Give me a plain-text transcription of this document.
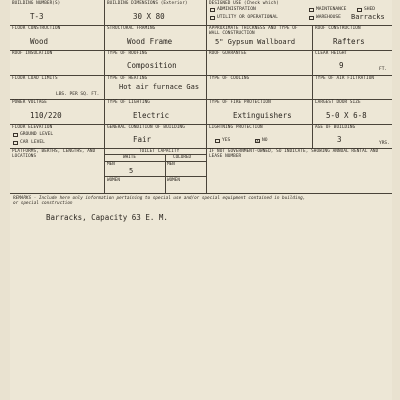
BUILDING NUMBER(S)
T-3
BUILDING DIMENSIONS (Exterior)
30 X 80
DESIGNED USE (Check which)
ADMINISTRATION	MAINTENANCE	SHED
UTILITY OR OPERATIONAL	WAREHOUSE Barracks
FLOOR CONSTRUCTION
Wood
STRUCTURAL FRAMING
Wood Frame
APPROXIMATE THICKNESS AND TYPE OF WALL CONSTRUCTION
5" Gypsum Wallboard
ROOF CONSTRUCTION
Rafters
ROOF INSULATION	TYPE OF ROOFING
Composition
ROOF GUARANTEE	CLEAR HEIGHT
9	FT.
FLOOR LOAD LIMITS
LBS. PER SQ. FT.
TYPE OF HEATING
Hot air furnace Gas
TYPE OF COOLING	TYPE OF AIR FILTRATION
POWER VOLTAGE
110/220
TYPE OF LIGHTING
Electric
TYPE OF FIRE PROTECTION
Extinguishers
LARGEST DOOR SIZE
5-0 X 6-8
FLOOR ELEVATION
GROUND LEVEL
CAR LEVEL
GENERAL CONDITION OF BUILDING
Fair
LIGHTNING PROTECTION
YES
x	NO
AGE OF BUILDING
3	YRS.
PLATFORMS, BERTHS, LENGTHS, AND LOCATIONS
TOILET CAPACITY
WHITE	COLORED
MEN	MEN
5
WOMEN	WOMEN
IF NOT GOVERNMENT-OWNED, SO INDICATE, SHOWING ANNUAL RENTAL AND LEASE NUMBER
REMARKS - Include here only information pertaining to special use and/or special equipment contained in building,
or special construction
Barracks, Capacity 63 E. M.
